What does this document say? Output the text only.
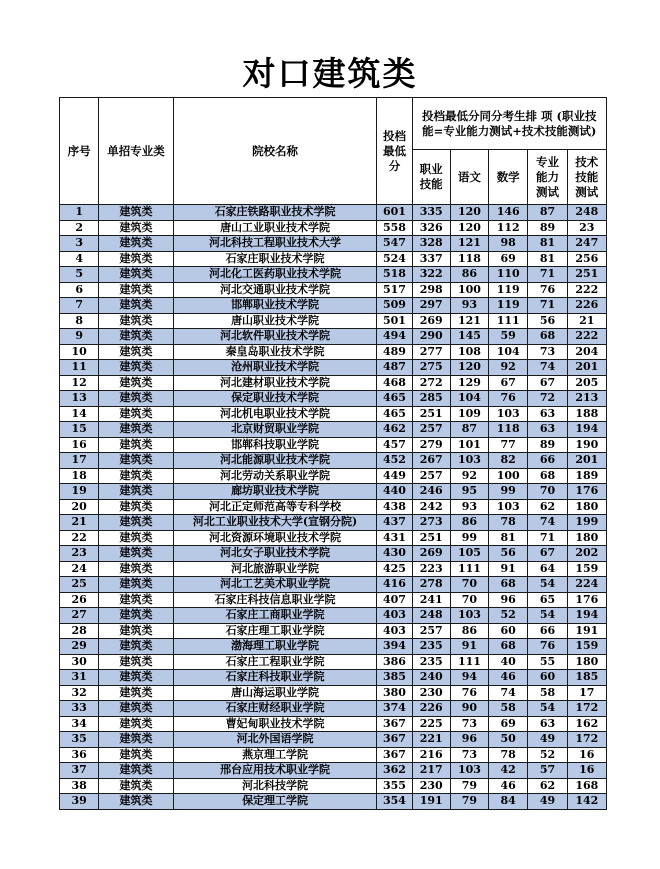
对口建筑类
序号	单招专业类	院校名称	投档最低分	投档最低分同分考生排 项 (职业技能=专业能力测试+技术技能测试)				
				职业技能	语文	数学	专业能力测试	技术技能测试
1	建筑类	石家庄铁路职业技术学院	601	335	120	146	87	248
2	建筑类	唐山工业职业技术学院	558	326	120	112	89	23
3	建筑类	河北科技工程职业技术大学	547	328	121	98	81	247
4	建筑类	石家庄职业技术学院	524	337	118	69	81	256
5	建筑类	河北化工医药职业技术学院	518	322	86	110	71	251
6	建筑类	河北交通职业技术学院	517	298	100	119	76	222
7	建筑类	邯郸职业技术学院	509	297	93	119	71	226
8	建筑类	唐山职业技术学院	501	269	121	111	56	21
9	建筑类	河北软件职业技术学院	494	290	145	59	68	222
10	建筑类	秦皇岛职业技术学院	489	277	108	104	73	204
11	建筑类	沧州职业技术学院	487	275	120	92	74	201
12	建筑类	河北建材职业技术学院	468	272	129	67	67	205
13	建筑类	保定职业技术学院	465	285	104	76	72	213
14	建筑类	河北机电职业技术学院	465	251	109	103	63	188
15	建筑类	北京财贸职业学院	462	257	87	118	63	194
16	建筑类	邯郸科技职业学院	457	279	101	77	89	190
17	建筑类	河北能源职业技术学院	452	267	103	82	66	201
18	建筑类	河北劳动关系职业学院	449	257	92	100	68	189
19	建筑类	廊坊职业技术学院	440	246	95	99	70	176
20	建筑类	河北正定师范高等专科学校	438	242	93	103	62	180
21	建筑类	河北工业职业技术大学(宣钢分院)	437	273	86	78	74	199
22	建筑类	河北资源环境职业技术学院	431	251	99	81	71	180
23	建筑类	河北女子职业技术学院	430	269	105	56	67	202
24	建筑类	河北旅游职业学院	425	223	111	91	64	159
25	建筑类	河北工艺美术职业学院	416	278	70	68	54	224
26	建筑类	石家庄科技信息职业学院	407	241	70	96	65	176
27	建筑类	石家庄工商职业学院	403	248	103	52	54	194
28	建筑类	石家庄理工职业学院	403	257	86	60	66	191
29	建筑类	渤海理工职业学院	394	235	91	68	76	159
30	建筑类	石家庄工程职业学院	386	235	111	40	55	180
31	建筑类	石家庄科技职业学院	385	240	94	46	60	185
32	建筑类	唐山海运职业学院	380	230	76	74	58	17
33	建筑类	石家庄财经职业学院	374	226	90	58	54	172
34	建筑类	曹妃甸职业技术学院	367	225	73	69	63	162
35	建筑类	河北外国语学院	367	221	96	50	49	172
36	建筑类	燕京理工学院	367	216	73	78	52	16
37	建筑类	邢台应用技术职业学院	362	217	103	42	57	16
38	建筑类	河北科技学院	355	230	79	46	62	168
39	建筑类	保定理工学院	354	191	79	84	49	142
